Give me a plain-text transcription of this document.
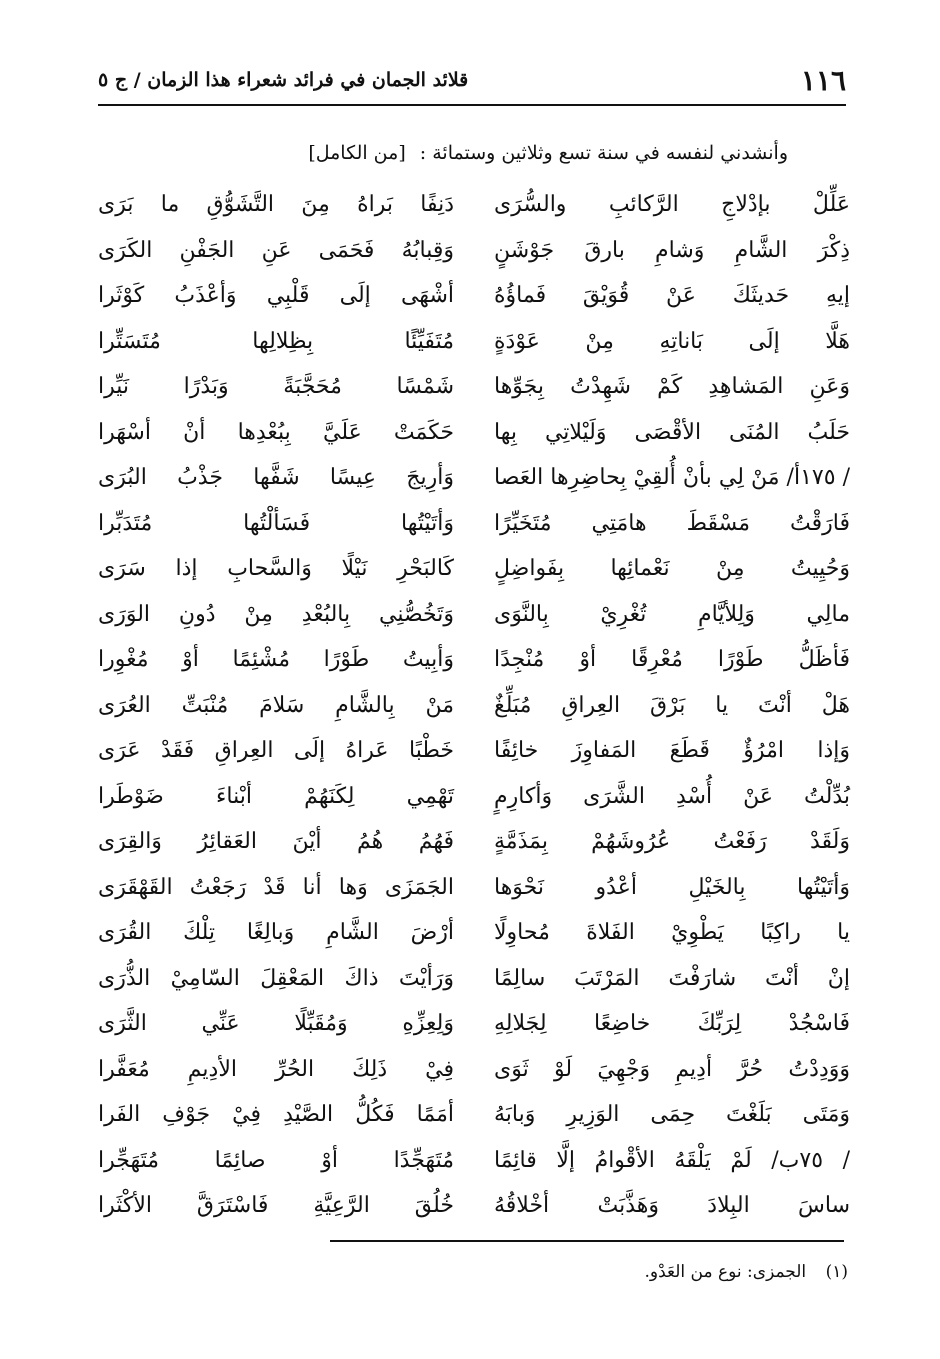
١١٦
قلائد الجمان في فرائد شعراء هذا الزمان / ج ٥
وأنشدني لنفسه في سنة تسع وثلاثين وستمائة : [من الكامل]
عَلِّلْ بإدْلاجِ الرَّكائبِ والسُّرَى
دَنِفًا بَراهُ مِنَ التَّشَوُّقِ ما بَرَى
ذِكْرَ الشَّامِ وَشامِ بارقَ جَوْشَنٍ
وَقِبابُهُ فَحَمَى عَنِ الجَفْنِ الكَرَى
إيهِ حَديثَكَ عَنْ قُوَيْقَ فَماؤُهُ
أشْهَى إلَى قَلْبِي وَأعْذَبُ كَوْثَرا
هَلَّا إلَى بَاناتِهِ مِنْ عَوْدَةٍ
مُتَفَيِّئًا بِظِلالِها مُتَسَتِّرا
وَعَنِ المَشاهِدِ كَمْ شَهِدْتُ بِجَوِّها
شَمْسًا مُحَجَّبَةً وَبَدْرًا نَيِّرا
حَلَبُ المُنَى الأقْصَى وَلَيْلاتِي بِها
حَكَمَتْ عَلَيَّ بِبُعْدِها أنْ أسْهَرا
/ ١٧٥أ/ مَنْ لِي بأنْ أُلقِيْ بِحاضِرِها العَصا
وَأرِيجَ عِيسًا شَفَّها جَذْبُ البُرَى
فَارَقْتُ مَسْقَطَ هامَتِي مُتَخَيِّرًا
وَأتَيْتُها فَسَألْتُها مُتَدَبِّرا
وَحُيِيتُ مِنْ نَعْمائِها بِفَواضِلٍ
كَالبَحْرِ نَيْلًا وَالسَّحابِ إذا سَرَى
مالِي وَلِلأيَّامِ تُغْرِيْ بِالنَّوَى
وَتَخُصُّنِي بِالبُعْدِ مِنْ دُونِ الوَرَى
فَأظَلُّ طَوْرًا مُعْرِقًا أوْ مُنْجِدًا
وَأبِيتُ طَوْرًا مُشْئِمًا أوْ مُغْوِرا
هَلْ أنْتَ يا بَرْقَ العِراقِ مُبَلِّغٌ
مَنْ بِالشَّامِ سَلامَ مُنْبَتِّ العُرَى
وَإذا امْرُؤٌ قَطَعَ المَفاوِزَ خائِفًا
خَطْبًا عَراهُ إلَى العِراقِ فَقَدْ عَرَى
بُدِّلْتُ عَنْ أُسْدِ الشَّرَى وَأكارِمٍ
تَهْمِي لِكَنَهُمْ أبْناءَ ضَوْطَرا
وَلَقَدْ رَفَعْتُ عُرُوشَهُمْ بِمَذَمَّةٍ
فَهُمُ هُمُ أيْنَ العَقائِرُ وَالقِرَى
وَأتَيْتُها بِالخَيْلِ أعْدُو نَحْوَها
الجَمَزَى وَها أنا قَدْ رَجَعْتُ القَهْقَرَى
يا راكِبًا يَطْوِيْ الفَلاةَ مُحاوِلًا
أرْضَ الشَّامِ وَبالِغًا تِلْكَ القُرَى
إنْ أنْتَ شارَفْتَ المَرْتَبَ سالِمًا
وَرَأيْتَ ذاكَ المَعْقِلَ السّامِيْ الذُّرَى
فَاسْجُدْ لِرَبِّكَ خاضِعًا لِجَلالِهِ
وَلِعِزِّهِ وَمُقَبِّلًا عَنِّي الثَّرَى
وَوَدِدْتُ حُرَّ أدِيمِ وَجْهِيَ لَوْ ثَوَى
فِيْ ذَلِكَ الحُرِّ الأدِيمِ مُعَفَّرا
وَمَتَى بَلَغْتَ حِمَى الوَزِيرِ وَبابَهُ
أمَمًا فَكُلُّ الصَّيْدِ فِيْ جَوْفِ الفَرا
/ ٧٥ب/ لَمْ يَلْقَهُ الأقْوامُ إلَّا قائِمًا
مُتَهَجِّدًا أوْ صائِمًا مُتَهَجِّرا
ساسَ البِلادَ وَهَذَّبَتْ أخْلاقُهُ
خُلُقَ الرَّعِيَّةِ فَاسْتَرَقَّ الأكْثَرا
(١) الجمزى: نوع من العَدْو.
